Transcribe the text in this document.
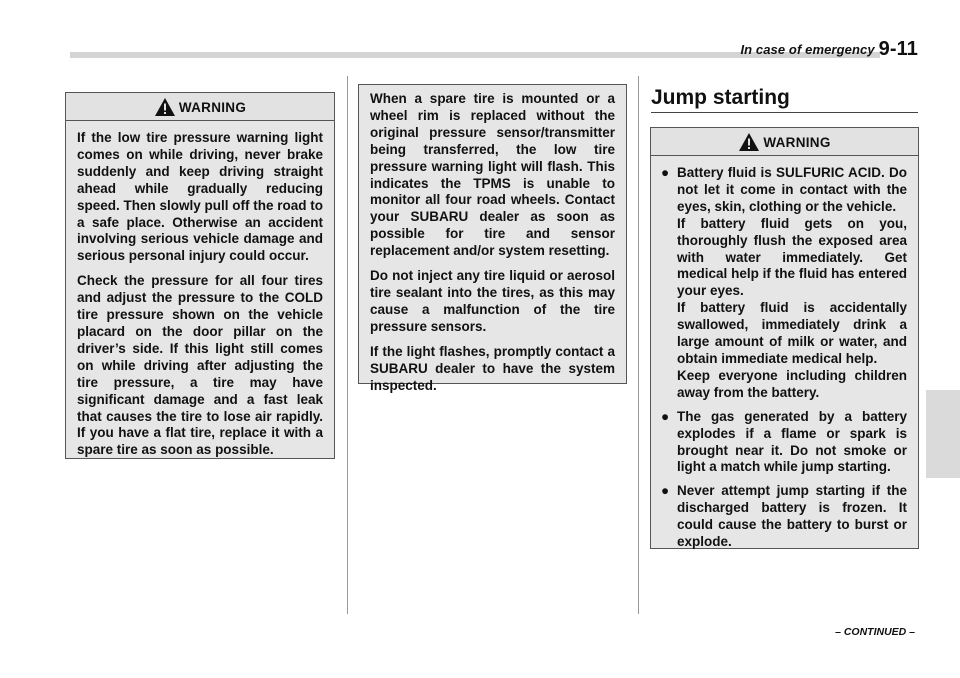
In case of emergency 9-11
WARNING

If the low tire pressure warning light comes on while driving, never brake suddenly and keep driving straight ahead while gradually reducing speed. Then slowly pull off the road to a safe place. Otherwise an accident involving serious vehicle damage and serious personal injury could occur.

Check the pressure for all four tires and adjust the pressure to the COLD tire pressure shown on the vehicle placard on the door pillar on the driver’s side. If this light still comes on while driving after adjusting the tire pressure, a tire may have significant damage and a fast leak that causes the tire to lose air rapidly. If you have a flat tire, replace it with a spare tire as soon as possible.

When a spare tire is mounted or a wheel rim is replaced without the original pressure sensor/transmitter being transferred, the low tire pressure warning light will flash. This indicates the TPMS is unable to monitor all four road wheels. Contact your SUBARU dealer as soon as possible for tire and sensor replacement and/or system resetting.

Do not inject any tire liquid or aerosol tire sealant into the tires, as this may cause a malfunction of the tire pressure sensors.

If the light flashes, promptly contact a SUBARU dealer to have the system inspected.

Jump starting
WARNING
● Battery fluid is SULFURIC ACID. Do not let it come in contact with the eyes, skin, clothing or the vehicle.

If battery fluid gets on you, thoroughly flush the exposed area with water immediately. Get medical help if the fluid has entered your eyes.

If battery fluid is accidentally swallowed, immediately drink a large amount of milk or water, and obtain immediate medical help.

Keep everyone including children away from the battery.

● The gas generated by a battery explodes if a flame or spark is brought near it. Do not smoke or light a match while jump starting.

● Never attempt jump starting if the discharged battery is frozen. It could cause the battery to burst or explode.

– CONTINUED –
